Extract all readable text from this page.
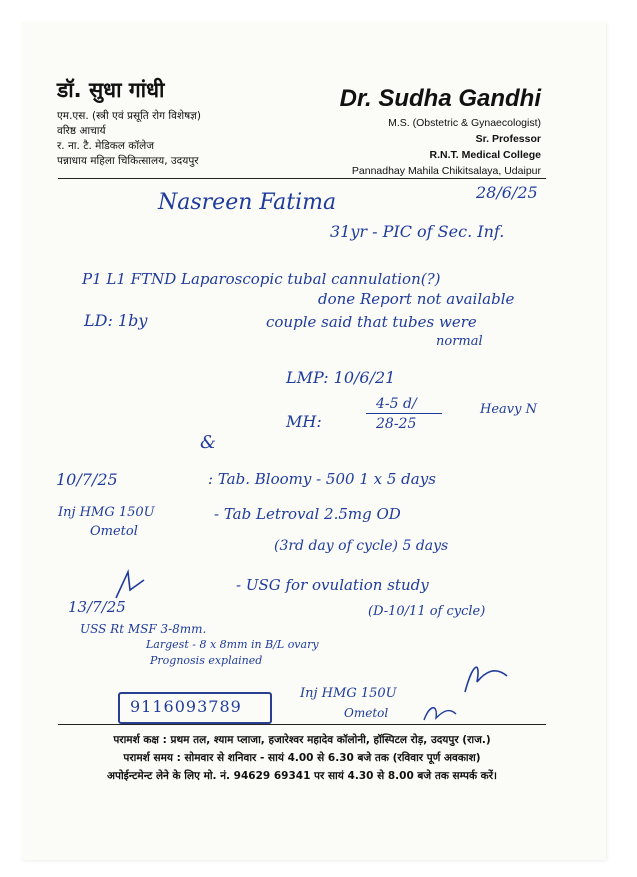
डॉ. सुधा गांधी
एम.एस. (स्त्री एवं प्रसूति रोग विशेषज्ञ)
वरिष्ठ आचार्य
र. ना. टै. मेडिकल कॉलेज
पन्नाधाय महिला चिकित्सालय, उदयपुर
Dr. Sudha Gandhi
M.S. (Obstetric & Gynaecologist)
Sr. Professor
R.N.T. Medical College
Pannadhay Mahila Chikitsalaya, Udaipur
28/6/25
Nasreen Fatima
31yr - PIC of Sec. Inf.
P1 L1 FTND Laparoscopic tubal cannulation(?)
done Report not available
LD: 1by	couple said that tubes were
normal
LMP: 10/6/21
MH:
4-5 d/
28-25
Heavy N
&
10/7/25
Inj HMG 150U
Ometol
: Tab. Bloomy - 500 1 x 5 days
- Tab Letroval 2.5mg OD
(3rd day of cycle) 5 days
- USG for ovulation study
(D-10/11 of cycle)
13/7/25
USS Rt MSF 3-8mm.
Largest - 8 x 8mm in B/L ovary
Prognosis explained
Inj HMG 150U
Ometol
9116093789
परामर्श कक्ष : प्रथम तल, श्याम प्लाजा, हजारेश्वर महादेव कॉलोनी, हॉस्पिटल रोड़, उदयपुर (राज.)
परामर्श समय : सोमवार से शनिवार - सायं 4.00 से 6.30 बजे तक (रविवार पूर्ण अवकाश)
अपोईन्टमेन्ट लेने के लिए मो. नं. 94629 69341 पर सायं 4.30 से 8.00 बजे तक सम्पर्क करें।
